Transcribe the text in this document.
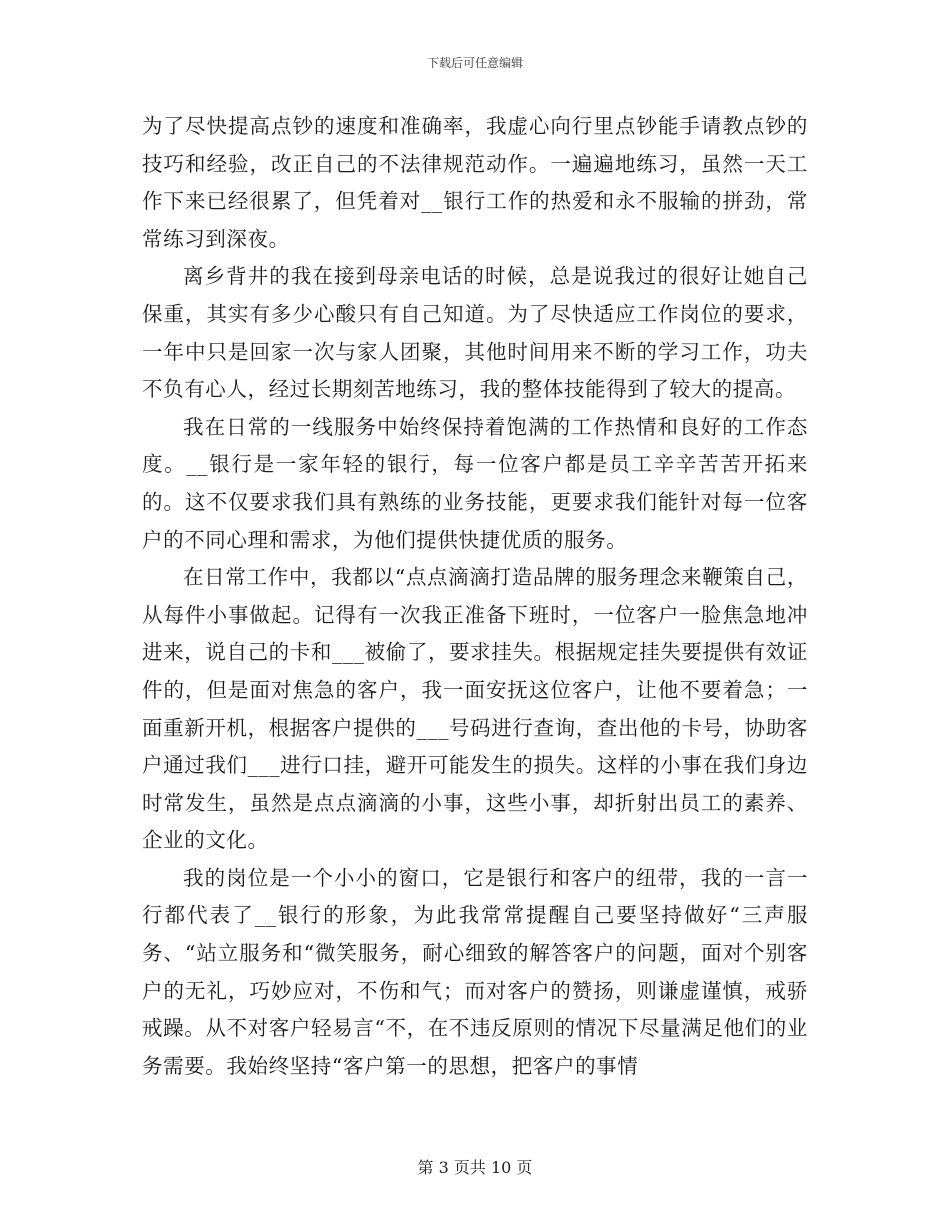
下载后可任意编辑

为了尽快提高点钞的速度和准确率，我虚心向行里点钞能手请教点钞的技巧和经验，改正自己的不法律规范动作。一遍遍地练习，虽然一天工作下来已经很累了，但凭着对__银行工作的热爱和永不服输的拼劲，常常练习到深夜。

离乡背井的我在接到母亲电话的时候，总是说我过的很好让她自己保重，其实有多少心酸只有自己知道。为了尽快适应工作岗位的要求，一年中只是回家一次与家人团聚，其他时间用来不断的学习工作，功夫不负有心人，经过长期刻苦地练习，我的整体技能得到了较大的提高。

我在日常的一线服务中始终保持着饱满的工作热情和良好的工作态度。__银行是一家年轻的银行，每一位客户都是员工辛辛苦苦开拓来的。这不仅要求我们具有熟练的业务技能，更要求我们能针对每一位客户的不同心理和需求，为他们提供快捷优质的服务。

在日常工作中，我都以“点点滴滴打造品牌的服务理念来鞭策自己，从每件小事做起。记得有一次我正准备下班时，一位客户一脸焦急地冲进来，说自己的卡和___被偷了，要求挂失。根据规定挂失要提供有效证件的，但是面对焦急的客户，我一面安抚这位客户，让他不要着急；一面重新开机，根据客户提供的___号码进行查询，查出他的卡号，协助客户通过我们___进行口挂，避开可能发生的损失。这样的小事在我们身边时常发生，虽然是点点滴滴的小事，这些小事，却折射出员工的素养、企业的文化。

我的岗位是一个小小的窗口，它是银行和客户的纽带，我的一言一行都代表了__银行的形象，为此我常常提醒自己要坚持做好“三声服务、“站立服务和“微笑服务，耐心细致的解答客户的问题，面对个别客户的无礼，巧妙应对，不伤和气；而对客户的赞扬，则谦虚谨慎，戒骄戒躁。从不对客户轻易言“不，在不违反原则的情况下尽量满足他们的业务需要。我始终坚持“客户第一的思想，把客户的事情

第 3 页共 10 页
